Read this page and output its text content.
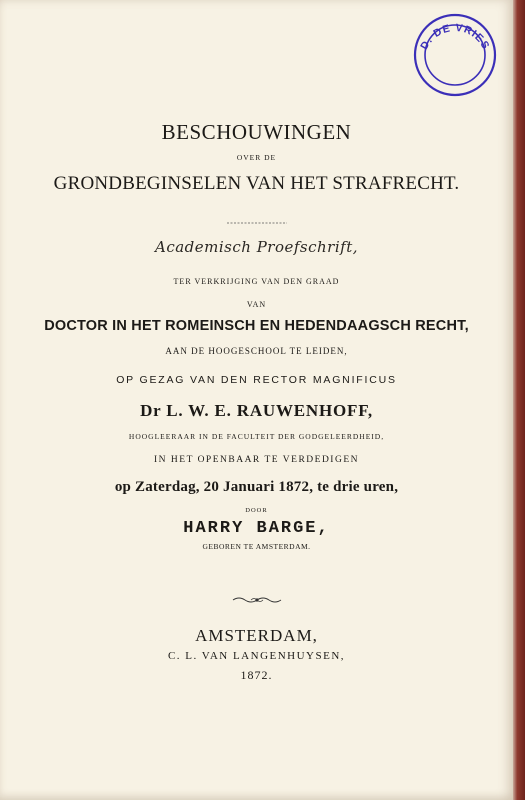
D. DE VRIES
BESCHOUWINGEN
OVER DE
GRONDBEGINSELEN VAN HET STRAFRECHT.
Academisch Proefschrift,
TER VERKRIJGING VAN DEN GRAAD
VAN
DOCTOR IN HET ROMEINSCH EN HEDENDAAGSCH RECHT,
AAN DE HOOGESCHOOL TE LEIDEN,
OP GEZAG VAN DEN RECTOR MAGNIFICUS
Dr L. W. E. RAUWENHOFF,
HOOGLEERAAR IN DE FACULTEIT DER GODGELEERDHEID,
IN HET OPENBAAR TE VERDEDIGEN
op Zaterdag, 20 Januari 1872, te drie uren,
DOOR
HARRY BARGE,
GEBOREN TE AMSTERDAM.
AMSTERDAM,
C. L. VAN LANGENHUYSEN,
1872.
